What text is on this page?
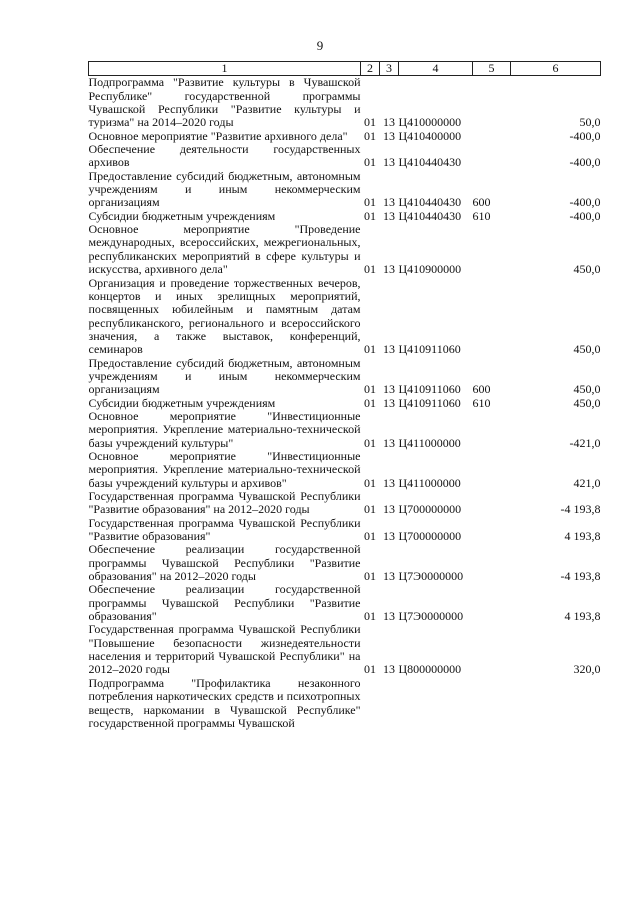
9
1	2	3	4	5	6
Подпрограмма "Развитие культуры в Чувашской Республике" государственной программы Чувашской Республики "Развитие культуры и туризма" на 2014–2020 годы	01	13	Ц410000000		50,0
Основное мероприятие "Развитие архивного дела"	01	13	Ц410400000		-400,0
Обеспечение деятельности государственных архивов	01	13	Ц410440430		-400,0
Предоставление субсидий бюджетным, автономным учреждениям и иным некоммерческим организациям	01	13	Ц410440430	600	-400,0
Субсидии бюджетным учреждениям	01	13	Ц410440430	610	-400,0
Основное мероприятие "Проведение международных, всероссийских, межрегиональных, республиканских мероприятий в сфере культуры и искусства, архивного дела"	01	13	Ц410900000		450,0
Организация и проведение торжественных вечеров, концертов и иных зрелищных мероприятий, посвященных юбилейным и памятным датам республиканского, регионального и всероссийского значения, а также выставок, конференций, семинаров	01	13	Ц410911060		450,0
Предоставление субсидий бюджетным, автономным учреждениям и иным некоммерческим организациям	01	13	Ц410911060	600	450,0
Субсидии бюджетным учреждениям	01	13	Ц410911060	610	450,0
Основное мероприятие "Инвестиционные мероприятия. Укрепление материально-технической базы учреждений культуры"	01	13	Ц411000000		-421,0
Основное мероприятие "Инвестиционные мероприятия. Укрепление материально-технической базы учреждений культуры и архивов"	01	13	Ц411000000		421,0
Государственная программа Чувашской Республики "Развитие образования" на 2012–2020 годы	01	13	Ц700000000		-4 193,8
Государственная программа Чувашской Республики "Развитие образования"	01	13	Ц700000000		4 193,8
Обеспечение реализации государственной программы Чувашской Республики "Развитие образования" на 2012–2020 годы	01	13	Ц7Э0000000		-4 193,8
Обеспечение реализации государственной программы Чувашской Республики "Развитие образования"	01	13	Ц7Э0000000		4 193,8
Государственная программа Чувашской Республики "Повышение безопасности жизнедеятельности населения и территорий Чувашской Республики" на 2012–2020 годы	01	13	Ц800000000		320,0
Подпрограмма "Профилактика незаконного потребления наркотических средств и психотропных веществ, наркомании в Чувашской Республике" государственной программы Чувашской					
